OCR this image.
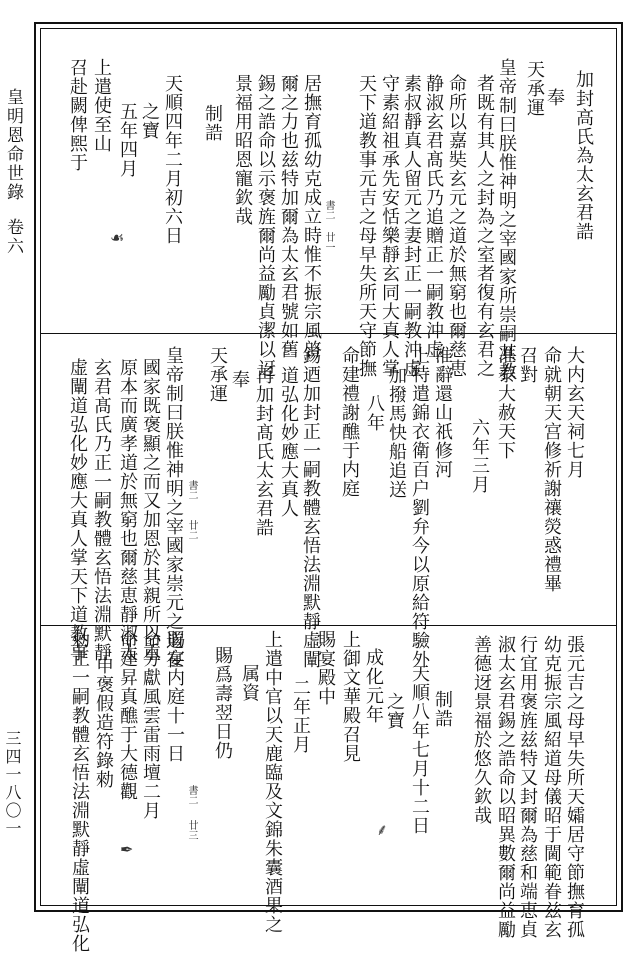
皇明恩命世錄
卷六
三四一八〇一
加封高氏為太玄君誥
奉
天承運
皇帝制曰朕惟神明之宰國家所崇嗣其教
者既有其人之封為之室者復有玄君之
命所以嘉奘玄元之道於無窮也爾慈恵
静淑玄君髙氏乃追贈正一嗣教沖虚
素叔靜真人留元之妻封正一嗣教沖虚
守素紹祖承先安恬樂靜玄同大真人掌
天下道教事元吉之母早失所天守節撫
居撫育孤幼克成立時惟不振宗風啓
爾之力也兹特加爾為太玄君號如舊
錫之誥命以示褒旌爾尚益勵貞潔以迓
景福用昭恩寵欽哉
制誥
天順四年二月初六日
之寶
五年四月
上遣使至山
召赴闕俾煕于
書二
廿一
☙
大内玄天祠七月
命就朝天宫修祈謝禳熒惑禮畢
召對
准泰大赦天下
六年三月
准辭還山祇修河
上特遣錦衣衛百户劉弁今以原給符驗外
加撥馬快船追送
八年
命建禮謝醮于内庭
錫迺加封正一嗣教體玄悟法淵默靜虛闡
道弘化妙應大真人
再加封髙氏太玄君誥
奉
天承運
皇帝制曰朕惟神明之宰國家崇元之道在
國家既褒顯之而又加恩於其親所以重
原本而廣孝道於無窮也爾慈恵靜淑太
玄君髙氏乃正一嗣教體玄悟法淵默靜
虚闡道弘化妙應大真人掌天下道教事	書二
廿二
張元吉之母早失所天孀居守節撫育孤
幼克振宗風紹道母儀昭于閫範眷兹玄
行宜用褒旌兹特又封爾為慈和端恵貞
淑太玄君錫之誥命以昭異數爾尚益勵
善德迓景福於悠久欽哉
制誥
天順八年七月十二日
之寶
成化元年
上御文華殿召見
賜宴殿中
二年正月
上遣中官以天鹿臨及文錦朱囊酒果之
属資
賜爲壽翌日仍
賜宴内庭十一日
命分獻風雲雷雨壇二月
命建昇真醮于大德觀
申褒假造符錄勑
勑正一嗣教體玄悟法淵默靜虛闡道弘化	書二
廿三	⸙
✒
